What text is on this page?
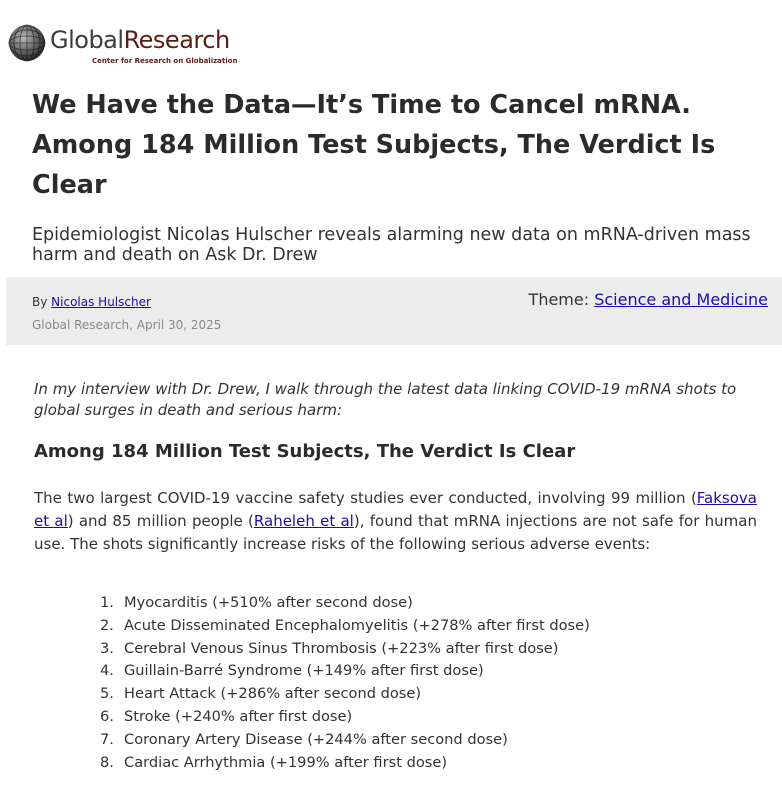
GlobalResearch
Center for Research on Globalization
We Have the Data—It’s Time to Cancel mRNA. Among 184 Million Test Subjects, The Verdict Is Clear
Epidemiologist Nicolas Hulscher reveals alarming new data on mRNA-driven mass harm and death on Ask Dr. Drew
By Nicolas Hulscher
Global Research, April 30, 2025
Theme: Science and Medicine

In my interview with Dr. Drew, I walk through the latest data linking COVID-19 mRNA shots to global surges in death and serious harm:

Among 184 Million Test Subjects, The Verdict Is Clear

The two largest COVID-19 vaccine safety studies ever conducted, involving 99 million (Faksova et al) and 85 million people (Raheleh et al), found that mRNA injections are not safe for human use. The shots significantly increase risks of the following serious adverse events:

1. Myocarditis (+510% after second dose)
2. Acute Disseminated Encephalomyelitis (+278% after first dose)
3. Cerebral Venous Sinus Thrombosis (+223% after first dose)
4. Guillain-Barré Syndrome (+149% after first dose)
5. Heart Attack (+286% after second dose)
6. Stroke (+240% after first dose)
7. Coronary Artery Disease (+244% after second dose)
8. Cardiac Arrhythmia (+199% after first dose)
